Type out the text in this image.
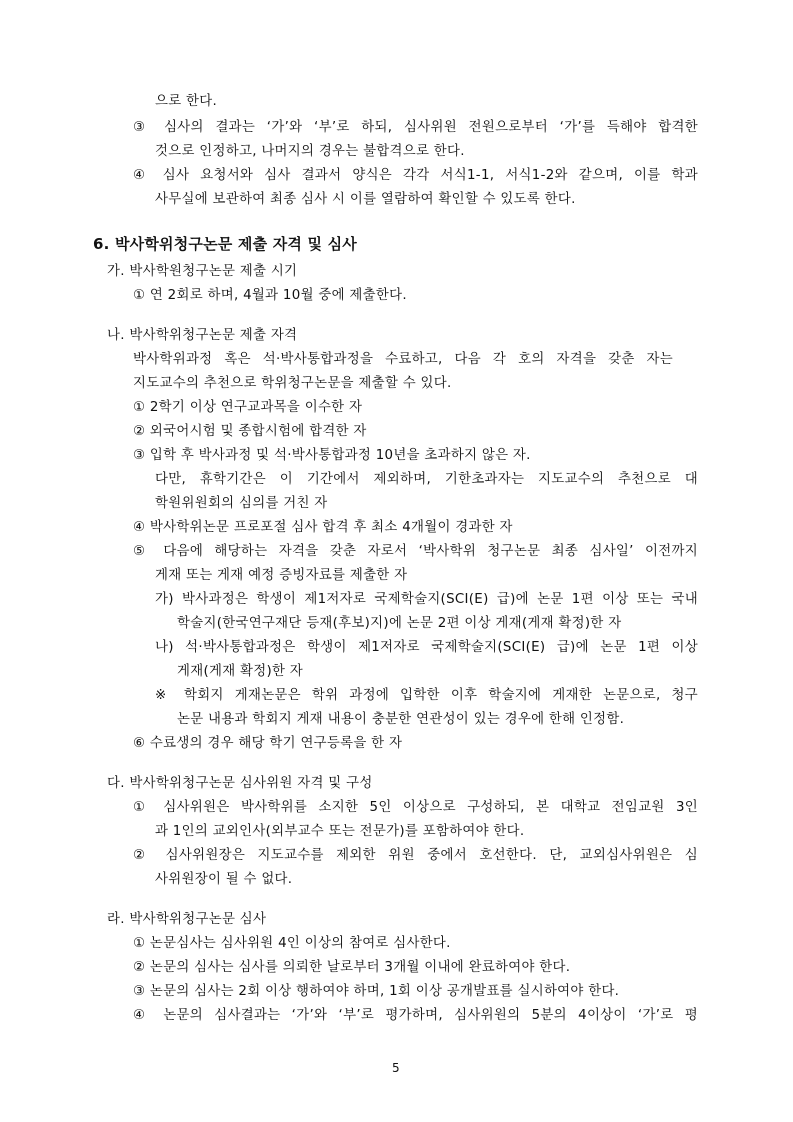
으로 한다.
③ 심사의 결과는 ‘가’와 ‘부’로 하되, 심사위원 전원으로부터 ‘가’를 득해야 합격한
것으로 인정하고, 나머지의 경우는 불합격으로 한다.
④ 심사 요청서와 심사 결과서 양식은 각각 서식1-1, 서식1-2와 같으며, 이를 학과
사무실에 보관하여 최종 심사 시 이를 열람하여 확인할 수 있도록 한다.
6. 박사학위청구논문 제출 자격 및 심사
가. 박사학원청구논문 제출 시기
① 연 2회로 하며, 4월과 10월 중에 제출한다.
나. 박사학위청구논문 제출 자격
박사학위과정 혹은 석·박사통합과정을 수료하고, 다음 각 호의 자격을 갖춘 자는
지도교수의 추천으로 학위청구논문을 제출할 수 있다.
① 2학기 이상 연구교과목을 이수한 자
② 외국어시험 및 종합시험에 합격한 자
③ 입학 후 박사과정 및 석·박사통합과정 10년을 초과하지 않은 자.
다만, 휴학기간은 이 기간에서 제외하며, 기한초과자는 지도교수의 추천으로 대
학원위원회의 심의를 거친 자
④ 박사학위논문 프로포절 심사 합격 후 최소 4개월이 경과한 자
⑤ 다음에 해당하는 자격을 갖춘 자로서 ‘박사학위 청구논문 최종 심사일’ 이전까지
게재 또는 게재 예정 증빙자료를 제출한 자
가) 박사과정은 학생이 제1저자로 국제학술지(SCI(E) 급)에 논문 1편 이상 또는 국내
학술지(한국연구재단 등재(후보)지)에 논문 2편 이상 게재(게재 확정)한 자
나) 석·박사통합과정은 학생이 제1저자로 국제학술지(SCI(E) 급)에 논문 1편 이상
게재(게재 확정)한 자
※ 학회지 게재논문은 학위 과정에 입학한 이후 학술지에 게재한 논문으로, 청구
논문 내용과 학회지 게재 내용이 충분한 연관성이 있는 경우에 한해 인정함.
⑥ 수료생의 경우 해당 학기 연구등록을 한 자
다. 박사학위청구논문 심사위원 자격 및 구성
① 심사위원은 박사학위를 소지한 5인 이상으로 구성하되, 본 대학교 전임교원 3인
과 1인의 교외인사(외부교수 또는 전문가)를 포함하여야 한다.
② 심사위원장은 지도교수를 제외한 위원 중에서 호선한다. 단, 교외심사위원은 심
사위원장이 될 수 없다.
라. 박사학위청구논문 심사
① 논문심사는 심사위원 4인 이상의 참여로 심사한다.
② 논문의 심사는 심사를 의뢰한 날로부터 3개월 이내에 완료하여야 한다.
③ 논문의 심사는 2회 이상 행하여야 하며, 1회 이상 공개발표를 실시하여야 한다.
④ 논문의 심사결과는 ‘가’와 ‘부’로 평가하며, 심사위원의 5분의 4이상이 ‘가’로 평
5
